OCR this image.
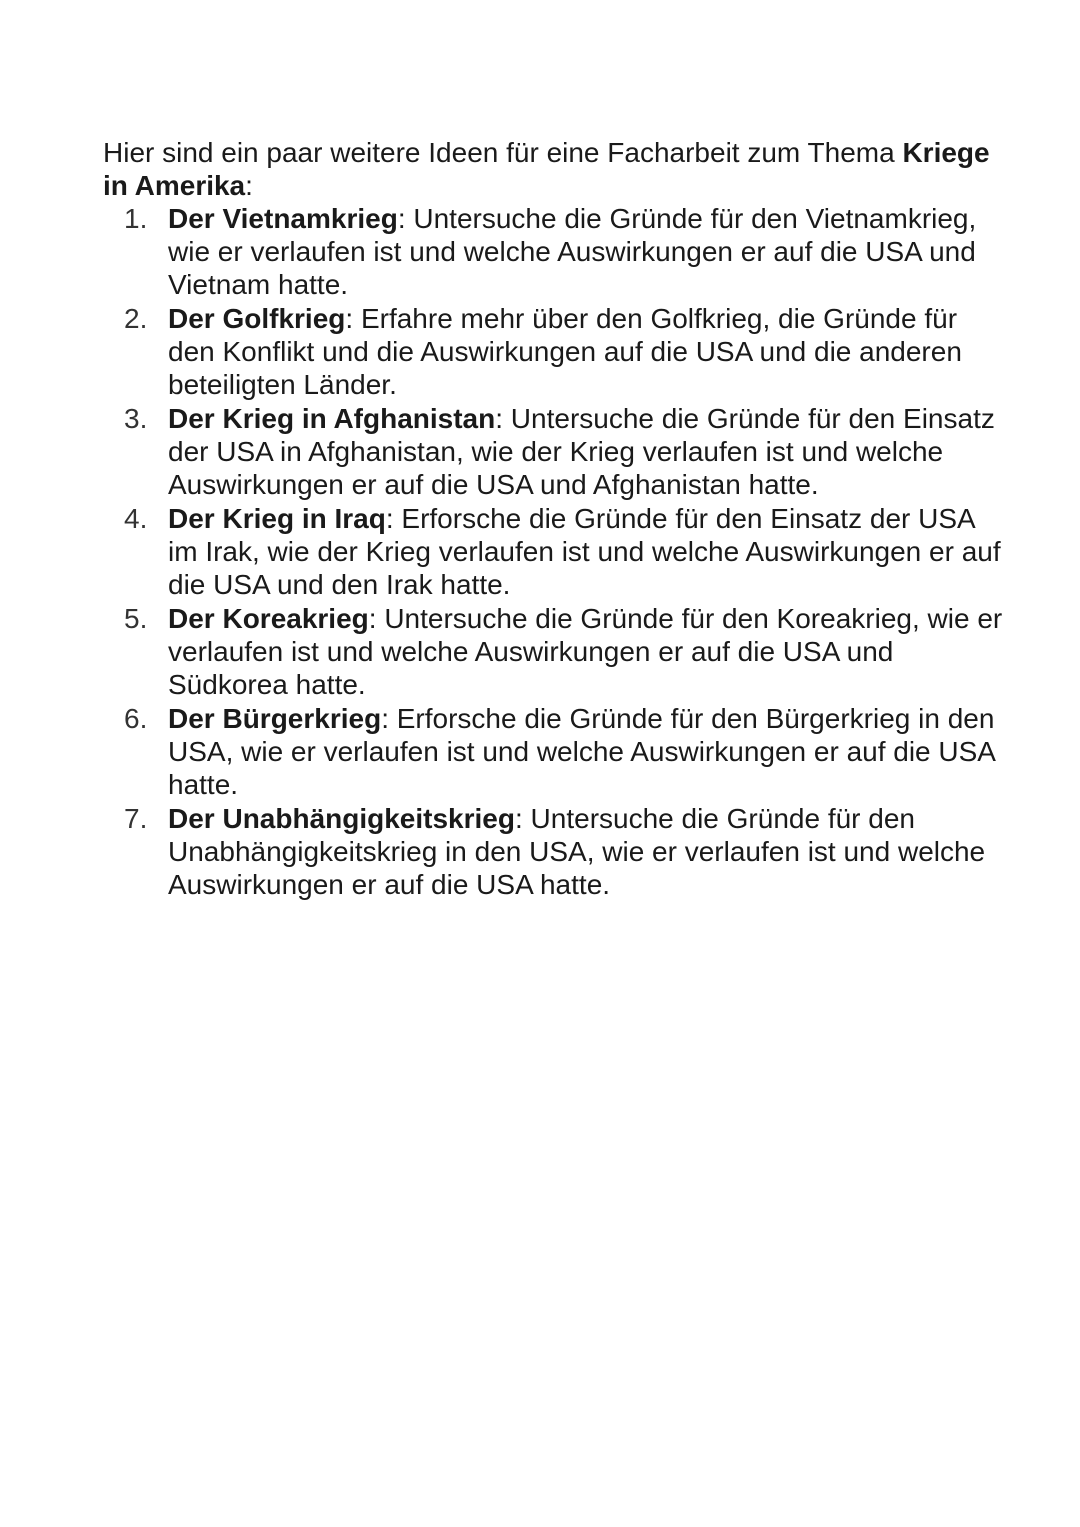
Hier sind ein paar weitere Ideen für eine Facharbeit zum Thema Kriege in Amerika:

1. Der Vietnamkrieg: Untersuche die Gründe für den Vietnamkrieg, wie er verlaufen ist und welche Auswirkungen er auf die USA und Vietnam hatte.
2. Der Golfkrieg: Erfahre mehr über den Golfkrieg, die Gründe für den Konflikt und die Auswirkungen auf die USA und die anderen beteiligten Länder.
3. Der Krieg in Afghanistan: Untersuche die Gründe für den Einsatz der USA in Afghanistan, wie der Krieg verlaufen ist und welche Auswirkungen er auf die USA und Afghanistan hatte.
4. Der Krieg in Iraq: Erforsche die Gründe für den Einsatz der USA im Irak, wie der Krieg verlaufen ist und welche Auswirkungen er auf die USA und den Irak hatte.
5. Der Koreakrieg: Untersuche die Gründe für den Koreakrieg, wie er verlaufen ist und welche Auswirkungen er auf die USA und Südkorea hatte.
6. Der Bürgerkrieg: Erforsche die Gründe für den Bürgerkrieg in den USA, wie er verlaufen ist und welche Auswirkungen er auf die USA hatte.
7. Der Unabhängigkeitskrieg: Untersuche die Gründe für den Unabhängigkeitskrieg in den USA, wie er verlaufen ist und welche Auswirkungen er auf die USA hatte.
